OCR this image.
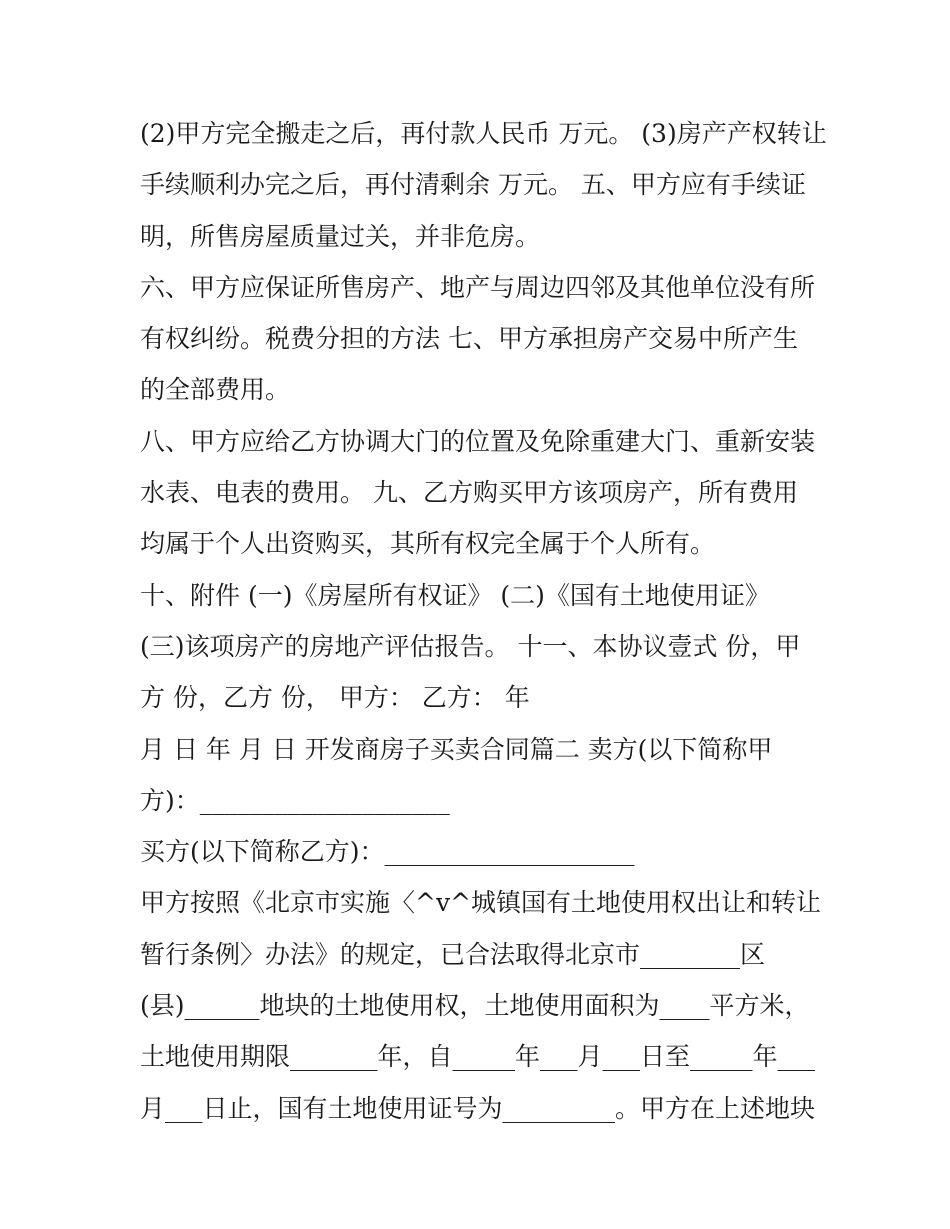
(2)甲方完全搬走之后，再付款人民币 万元。 (3)房产产权转让
手续顺利办完之后，再付清剩余 万元。 五、甲方应有手续证
明，所售房屋质量过关，并非危房。
六、甲方应保证所售房产、地产与周边四邻及其他单位没有所
有权纠纷。税费分担的方法 七、甲方承担房产交易中所产生
的全部费用。
八、甲方应给乙方协调大门的位置及免除重建大门、重新安装
水表、电表的费用。 九、乙方购买甲方该项房产，所有费用
均属于个人出资购买，其所有权完全属于个人所有。
十、附件 (一)《房屋所有权证》 (二)《国有土地使用证》
(三)该项房产的房地产评估报告。 十一、本协议壹式 份，甲
方 份，乙方 份， 甲方： 乙方： 年
月 日 年 月 日 开发商房子买卖合同篇二 卖方(以下简称甲
方)：____________________
买方(以下简称乙方)：____________________
甲方按照《北京市实施〈^v^城镇国有土地使用权出让和转让
暂行条例〉办法》的规定，已合法取得北京市________区
(县)______地块的土地使用权，土地使用面积为____平方米，
土地使用期限_______年，自_____年___月___日至_____年___
月___日止，国有土地使用证号为_________。甲方在上述地块
